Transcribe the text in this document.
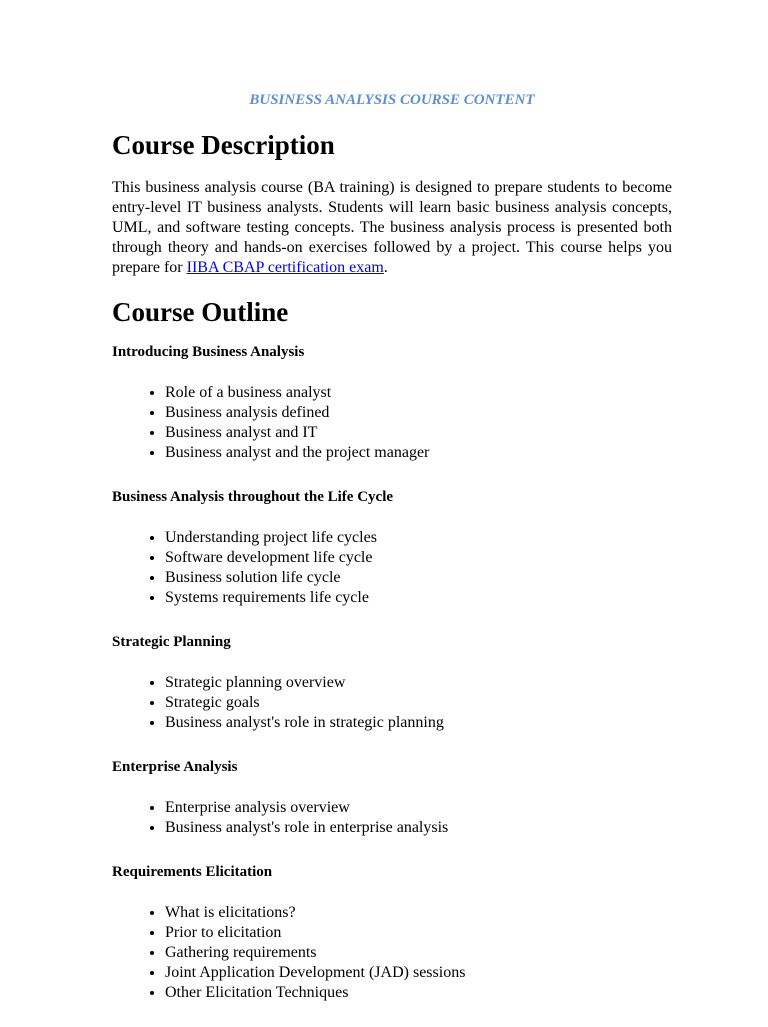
BUSINESS ANALYSIS COURSE CONTENT
Course Description

This business analysis course (BA training) is designed to prepare students to become entry-level IT business analysts. Students will learn basic business analysis concepts, UML, and software testing concepts. The business analysis process is presented both through theory and hands-on exercises followed by a project. This course helps you prepare for IIBA CBAP certification exam.

Course Outline

Introducing Business Analysis

• Role of a business analyst
• Business analysis defined
• Business analyst and IT
• Business analyst and the project manager

Business Analysis throughout the Life Cycle

• Understanding project life cycles
• Software development life cycle
• Business solution life cycle
• Systems requirements life cycle

Strategic Planning

• Strategic planning overview
• Strategic goals
• Business analyst's role in strategic planning

Enterprise Analysis

• Enterprise analysis overview
• Business analyst's role in enterprise analysis

Requirements Elicitation

• What is elicitations?
• Prior to elicitation
• Gathering requirements
• Joint Application Development (JAD) sessions
• Other Elicitation Techniques
